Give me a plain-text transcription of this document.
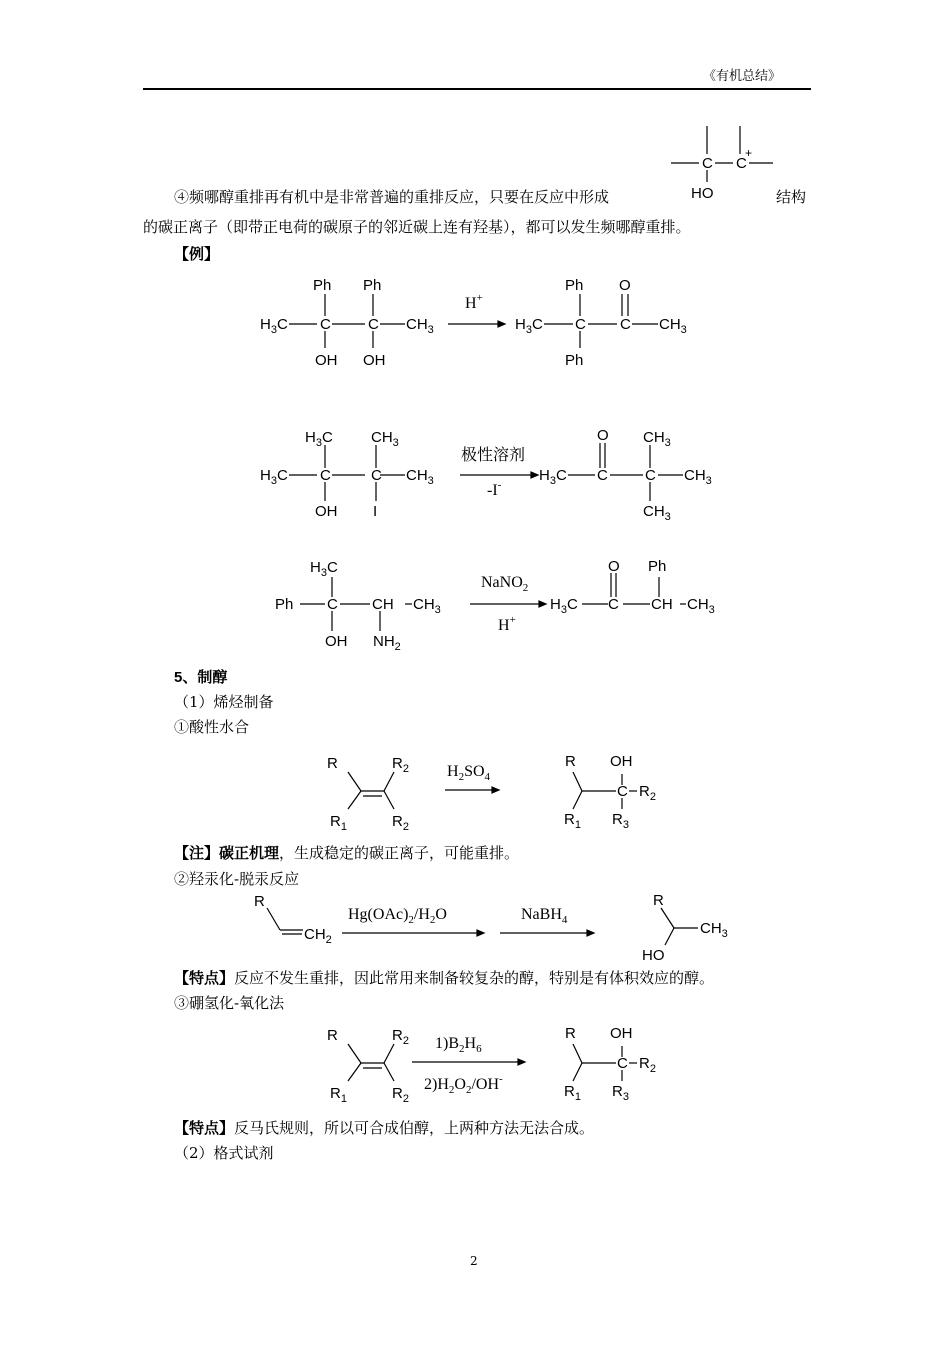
《有机总结》
④频哪醇重排再有机中是非常普遍的重排反应，只要在反应中形成	结构
的碳正离子（即带正电荷的碳原子的邻近碳上连有羟基），都可以发生频哪醇重排。
【例】
C C
+
HO
$H_3C$ C C $CH_3$
Ph Ph
OH OH
H+
$H_3C$ C C $CH_3$
Ph
Ph
O
$H_3C$ C	C $CH_3$
$H_3C$	$CH_3$
OH I
极性溶剂
-I-
$H_3C$ C C $CH_3$
O $CH_3$
$CH_3$
Ph C CH $CH_3$
$H_3C$
OH $NH_2$
NaNO$_2$
H+
$H_3C$ C CH $CH_3$
O Ph
5、制醇
（1）烯烃制备
①酸性水合
R	$R_2$
$R_1$	$R_2$
$H_2SO_4$
R OH
C $R_2$
$R_1$ $R_3$
【注】碳正机理，生成稳定的碳正离子，可能重排。
②羟汞化-脱汞反应
R
$CH_2$
$Hg(OAc)_2/H_2O$	NaBH$_4$
R
$CH_3$
HO
【特点】反应不发生重排，因此常用来制备较复杂的醇，特别是有体积效应的醇。
③硼氢化-氧化法
R	$R_2$
$R_1$	$R_2$
$1)B_2H_6$
$2)H_2O_2/OH^-$
R OH
C $R_2$
$R_1$ $R_3$
【特点】反马氏规则，所以可合成伯醇，上两种方法无法合成。
（2）格式试剂
2
